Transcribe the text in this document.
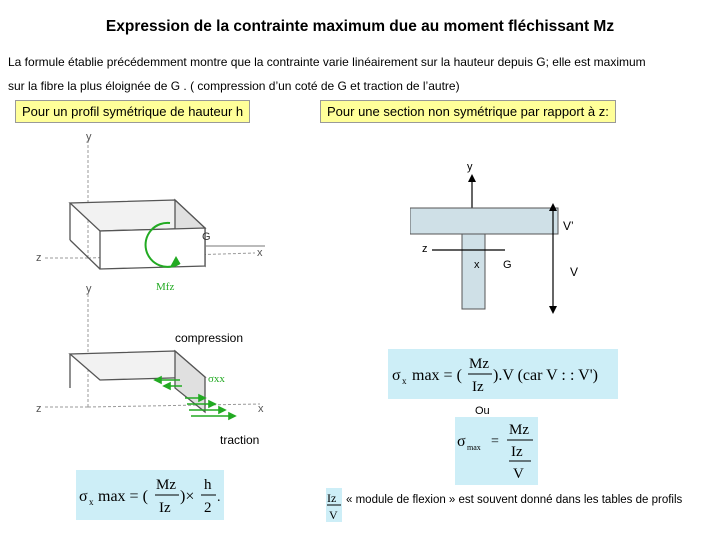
Expression de la contrainte maximum due au moment fléchissant Mz
La formule établie précédemment montre que la contrainte varie linéairement sur la hauteur depuis G; elle est maximum
sur la fibre la plus éloignée de G . ( compression d’un coté de G et traction de l’autre)
Pour un profil symétrique de hauteur h	Pour une section non symétrique par rapport à z:
y
x
z
G
Mfz
y
x
z
σxx
compression
traction
y
z
x G
V’
V
σ x max = (
Mz
Iz
).V (car V : : V')
Ou
σ max =
Mz
Iz
V
σ x max = (
Mz
Iz
)×
h
2
.	Iz
V
« module de flexion » est souvent donné dans les tables de profils
